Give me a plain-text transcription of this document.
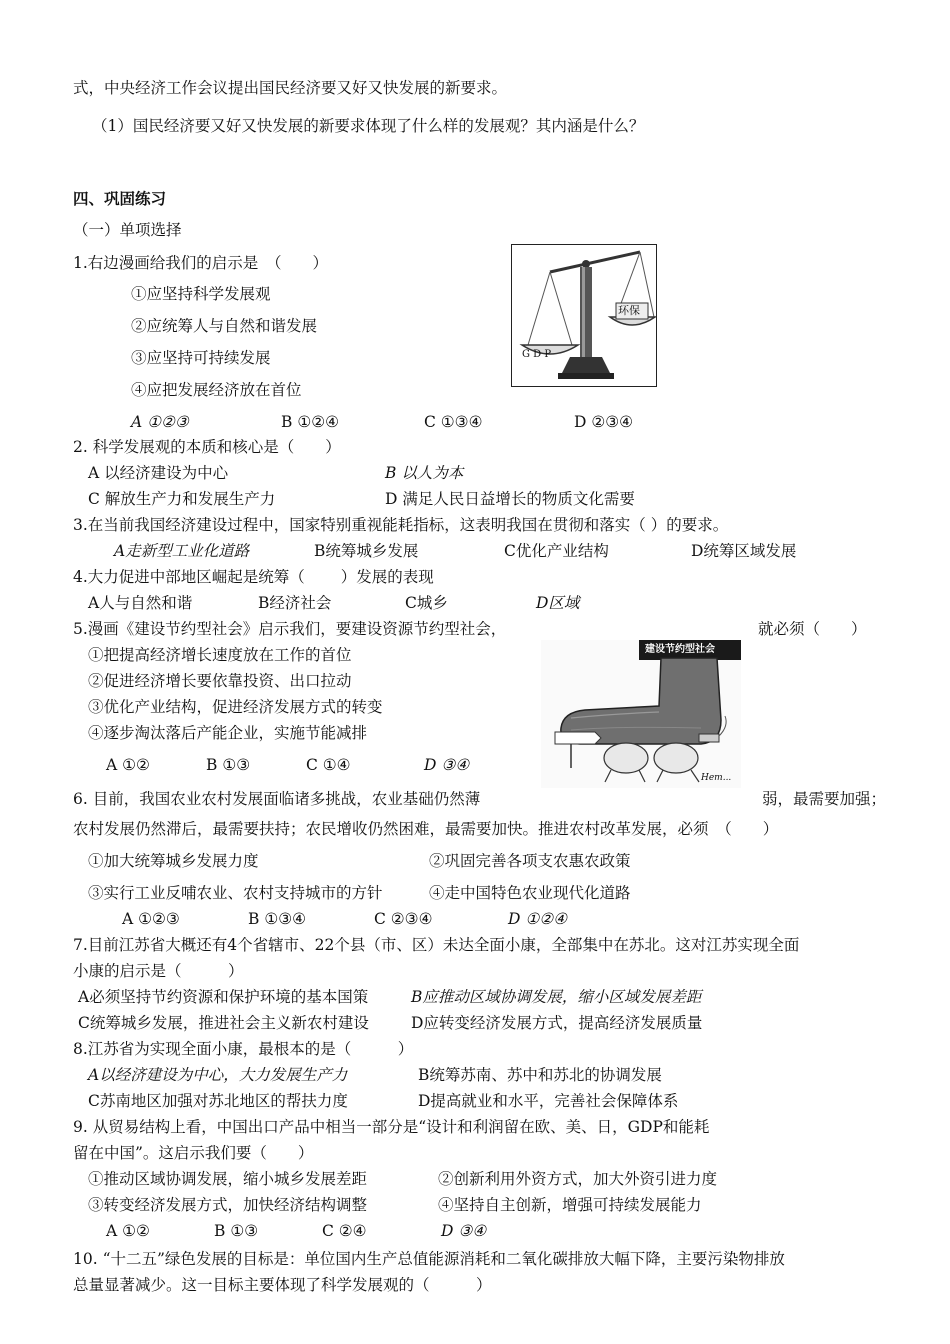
式，中央经济工作会议提出国民经济要又好又快发展的新要求。
（1）国民经济要又好又快发展的新要求体现了什么样的发展观？其内涵是什么？
四、巩固练习
（一）单项选择
1.右边漫画给我们的启示是　（　　）
①应坚持科学发展观
②应统筹人与自然和谐发展
③应坚持可持续发展
④应把发展经济放在首位
A ①②③	B ①②④	C ①③④	D ②③④
环保
G D P
2. 科学发展观的本质和核心是（　　）
A 以经济建设为中心	B 以人为本
C 解放生产力和发展生产力	D 满足人民日益增长的物质文化需要
3.在当前我国经济建设过程中，国家特别重视能耗指标，这表明我国在贯彻和落实（ ）的要求。
A走新型工业化道路	B统筹城乡发展	C优化产业结构	D统筹区域发展
4.大力促进中部地区崛起是统筹（　　 ）发展的表现
A人与自然和谐	B经济社会	C城乡	D区域
5.漫画《建设节约型社会》启示我们，要建设资源节约型社会，	就必须（　　）
①把提高经济增长速度放在工作的首位
②促进经济增长要依靠投资、出口拉动
③优化产业结构，促进经济发展方式的转变
④逐步淘汰落后产能企业，实施节能减排
A ①②	B ①③	C ①④	D ③④
建设节约型社会
Hem...
6. 目前，我国农业农村发展面临诸多挑战，农业基础仍然薄	弱，最需要加强；
农村发展仍然滞后，最需要扶持；农民增收仍然困难，最需要加快。推进农村改革发展，必须　（　　）
①加大统筹城乡发展力度	②巩固完善各项支农惠农政策
③实行工业反哺农业、农村支持城市的方针	④走中国特色农业现代化道路
A ①②③	B ①③④	C ②③④	D ①②④
7.目前江苏省大概还有4个省辖市、22个县（市、区）未达全面小康，全部集中在苏北。这对江苏实现全面
小康的启示是（　　　）
A必须坚持节约资源和保护环境的基本国策	B应推动区域协调发展，缩小区域发展差距
C统筹城乡发展，推进社会主义新农村建设	D应转变经济发展方式，提高经济发展质量
8.江苏省为实现全面小康，最根本的是（　　　）
A以经济建设为中心，大力发展生产力	B统筹苏南、苏中和苏北的协调发展
C苏南地区加强对苏北地区的帮扶力度	D提高就业和水平，完善社会保障体系
9. 从贸易结构上看，中国出口产品中相当一部分是“设计和利润留在欧、美、日，GDP和能耗
留在中国”。这启示我们要（　　）
①推动区域协调发展，缩小城乡发展差距	②创新利用外资方式，加大外资引进力度
③转变经济发展方式，加快经济结构调整	④坚持自主创新，增强可持续发展能力
A ①②	B ①③	C ②④	D ③④
10. “十二五”绿色发展的目标是：单位国内生产总值能源消耗和二氧化碳排放大幅下降，主要污染物排放
总量显著减少。这一目标主要体现了科学发展观的（　　　）
